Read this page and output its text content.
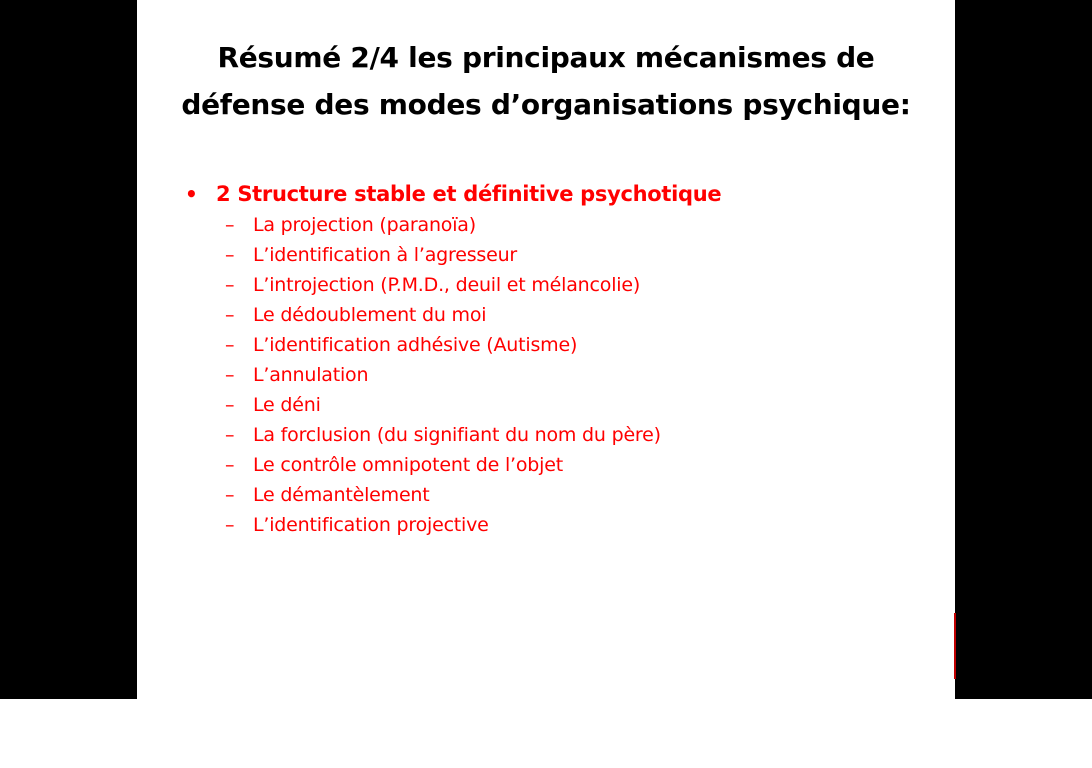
Résumé 2/4 les principaux mécanismes de
défense des modes d’organisations psychique:
• 2 Structure stable et définitive psychotique
– La projection (paranoïa)
– L’identification à l’agresseur
– L’introjection (P.M.D., deuil et mélancolie)
– Le dédoublement du moi
– L’identification adhésive (Autisme)
– L’annulation
– Le déni
– La forclusion (du signifiant du nom du père)
– Le contrôle omnipotent de l’objet
– Le démantèlement
– L’identification projective
